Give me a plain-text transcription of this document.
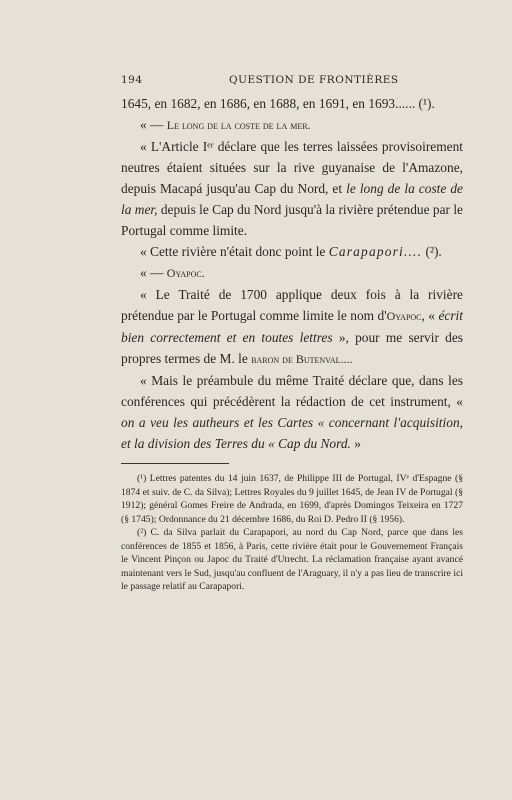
194	QUESTION DE FRONTIÈRES

1645, en 1682, en 1686, en 1688, en 1691, en 1693...... (¹).

« — Le long de la coste de la mer.

« L'Article Iᵉʳ déclare que les terres laissées provisoirement neutres étaient situées sur la rive guyanaise de l'Amazone, depuis Macapá jusqu'au Cap du Nord, et le long de la coste de la mer, depuis le Cap du Nord jusqu'à la rivière prétendue par le Portugal comme limite.

« Cette rivière n'était donc point le Carapapori.... (²).

« — Oyapoc.

« Le Traité de 1700 applique deux fois à la rivière prétendue par le Portugal comme limite le nom d'Oyapoc, « écrit bien correctement et en toutes lettres », pour me servir des propres termes de M. le baron de Butenval....

« Mais le préambule du même Traité déclare que, dans les conférences qui précédèrent la rédaction de cet instrument, « on a veu les autheurs et les Cartes « concernant l'acquisition, et la division des Terres du « Cap du Nord. »

(¹) Lettres patentes du 14 juin 1637, de Philippe III de Portugal, IVᵉ d'Espagne (§ 1874 et suiv. de C. da Silva); Lettres Royales du 9 juillet 1645, de Jean IV de Portugal (§ 1912); général Gomes Freire de Andrada, en 1699, d'après Domingos Teixeira en 1727 (§ 1745); Ordonnance du 21 décembre 1686, du Roi D. Pedro II (§ 1956).

(²) C. da Silva parlait du Carapapori, au nord du Cap Nord, parce que dans les conférences de 1855 et 1856, à Paris, cette rivière était pour le Gouvernement Français le Vincent Pinçon ou Japoc du Traité d'Utrecht. La réclamation française ayant avancé maintenant vers le Sud, jusqu'au confluent de l'Araguary, il n'y a pas lieu de transcrire ici le passage relatif au Carapapori.
